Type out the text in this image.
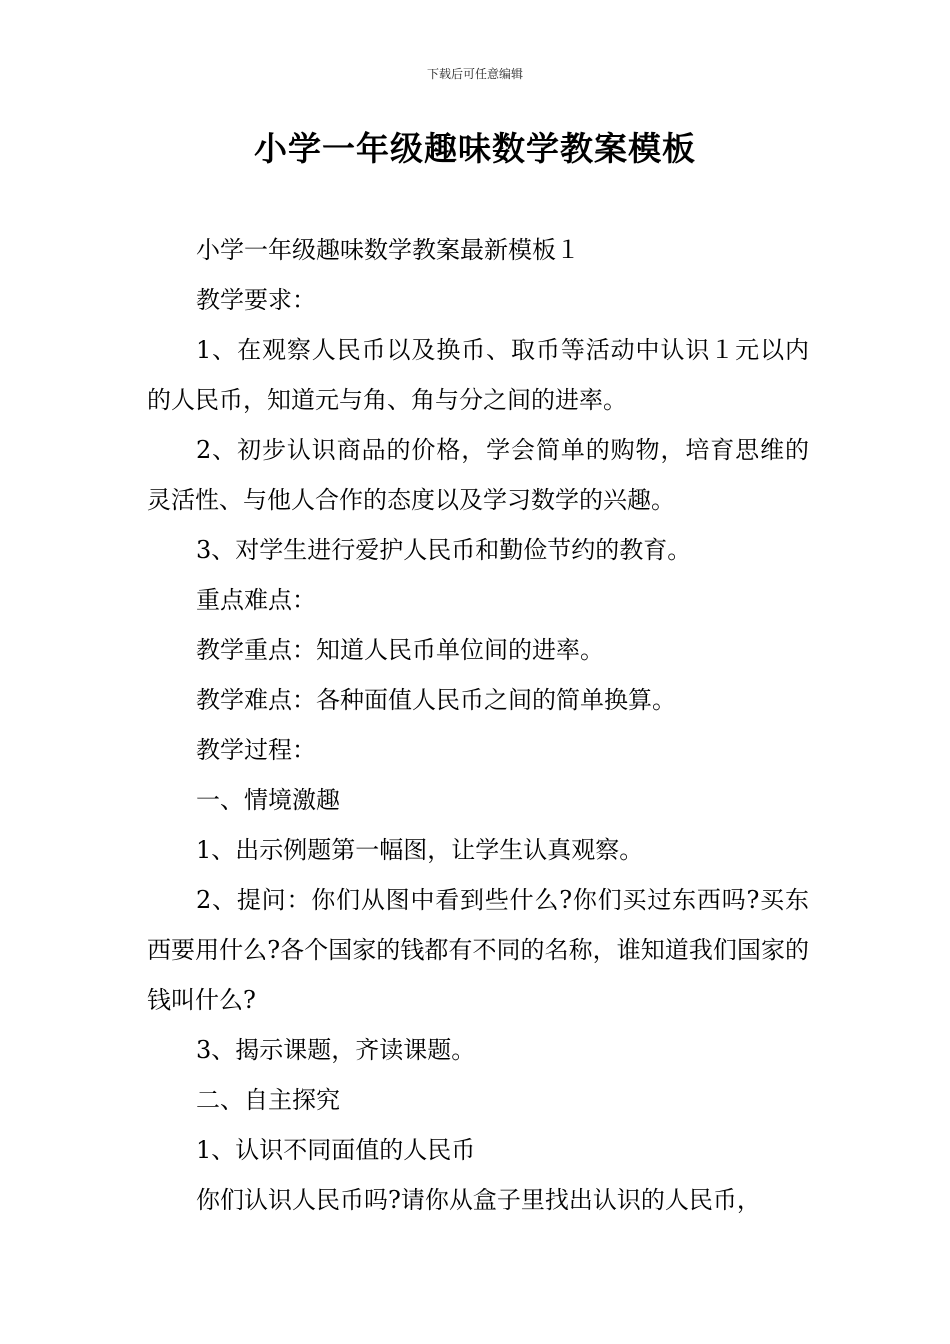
下载后可任意编辑
小学一年级趣味数学教案模板

小学一年级趣味数学教案最新模板１

教学要求：

1、在观察人民币以及换币、取币等活动中认识１元以内的人民币，知道元与角、角与分之间的进率。

2、初步认识商品的价格，学会简单的购物，培育思维的灵活性、与他人合作的态度以及学习数学的兴趣。

3、对学生进行爱护人民币和勤俭节约的教育。

重点难点：

教学重点：知道人民币单位间的进率。

教学难点：各种面值人民币之间的简单换算。

教学过程：

一、情境激趣

1、出示例题第一幅图，让学生认真观察。

2、提问：你们从图中看到些什么?你们买过东西吗?买东西要用什么?各个国家的钱都有不同的名称，谁知道我们国家的钱叫什么?

3、揭示课题，齐读课题。

二、自主探究

1、认识不同面值的人民币

你们认识人民币吗?请你从盒子里找出认识的人民币，
